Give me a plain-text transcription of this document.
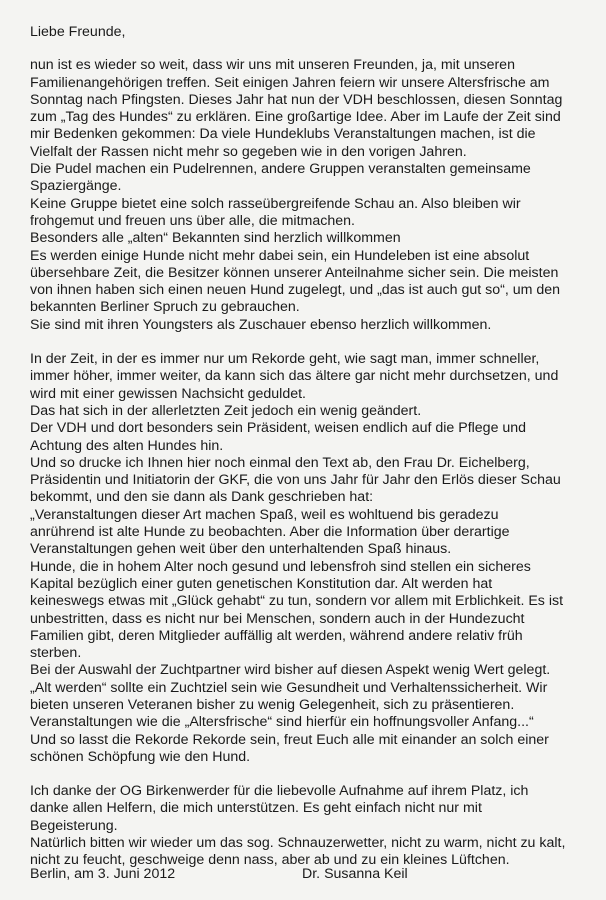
Liebe Freunde,

nun ist es wieder so weit, dass wir uns mit unseren Freunden, ja, mit unseren
Familienangehörigen treffen. Seit einigen Jahren feiern wir unsere Altersfrische am
Sonntag nach Pfingsten. Dieses Jahr hat nun der VDH beschlossen, diesen Sonntag
zum „Tag des Hundes“ zu erklären. Eine großartige Idee. Aber im Laufe der Zeit sind
mir Bedenken gekommen: Da viele Hundeklubs Veranstaltungen machen, ist die
Vielfalt der Rassen nicht mehr so gegeben wie in den vorigen Jahren.
Die Pudel machen ein Pudelrennen, andere Gruppen veranstalten gemeinsame
Spaziergänge.
Keine Gruppe bietet eine solch rasseübergreifende Schau an. Also bleiben wir
frohgemut und freuen uns über alle, die mitmachen.
Besonders alle „alten“ Bekannten sind herzlich willkommen
Es werden einige Hunde nicht mehr dabei sein, ein Hundeleben ist eine absolut
übersehbare Zeit, die Besitzer können unserer Anteilnahme sicher sein. Die meisten
von ihnen haben sich einen neuen Hund zugelegt, und „das ist auch gut so“, um den
bekannten Berliner Spruch zu gebrauchen.
Sie sind mit ihren Youngsters als Zuschauer ebenso herzlich willkommen.
In der Zeit, in der es immer nur um Rekorde geht, wie sagt man, immer schneller,
immer höher, immer weiter, da kann sich das ältere gar nicht mehr durchsetzen, und
wird mit einer gewissen Nachsicht geduldet.
Das hat sich in der allerletzten Zeit jedoch ein wenig geändert.
Der VDH und dort besonders sein Präsident, weisen endlich auf die Pflege und
Achtung des alten Hundes hin.
Und so drucke ich Ihnen hier noch einmal den Text ab, den Frau Dr. Eichelberg,
Präsidentin und Initiatorin der GKF, die von uns Jahr für Jahr den Erlös dieser Schau
bekommt, und den sie dann als Dank geschrieben hat:
„Veranstaltungen dieser Art machen Spaß, weil es wohltuend bis geradezu
anrührend ist alte Hunde zu beobachten. Aber die Information über derartige
Veranstaltungen gehen weit über den unterhaltenden Spaß hinaus.
Hunde, die in hohem Alter noch gesund und lebensfroh sind stellen ein sicheres
Kapital bezüglich einer guten genetischen Konstitution dar. Alt werden hat
keineswegs etwas mit „Glück gehabt“ zu tun, sondern vor allem mit Erblichkeit. Es ist
unbestritten, dass es nicht nur bei Menschen, sondern auch in der Hundezucht
Familien gibt, deren Mitglieder auffällig alt werden, während andere relativ früh
sterben.
Bei der Auswahl der Zuchtpartner wird bisher auf diesen Aspekt wenig Wert gelegt.
„Alt werden“ sollte ein Zuchtziel sein wie Gesundheit und Verhaltenssicherheit. Wir
bieten unseren Veteranen bisher zu wenig Gelegenheit, sich zu präsentieren.
Veranstaltungen wie die „Altersfrische“ sind hierfür ein hoffnungsvoller Anfang...“
Und so lasst die Rekorde Rekorde sein, freut Euch alle mit einander an solch einer
schönen Schöpfung wie den Hund.
Ich danke der OG Birkenwerder für die liebevolle Aufnahme auf ihrem Platz, ich
danke allen Helfern, die mich unterstützen. Es geht einfach nicht nur mit
Begeisterung.
Natürlich bitten wir wieder um das sog. Schnauzerwetter, nicht zu warm, nicht zu kalt,
nicht zu feucht, geschweige denn nass, aber ab und zu ein kleines Lüftchen.
Berlin, am 3. Juni 2012	Dr. Susanna Keil
